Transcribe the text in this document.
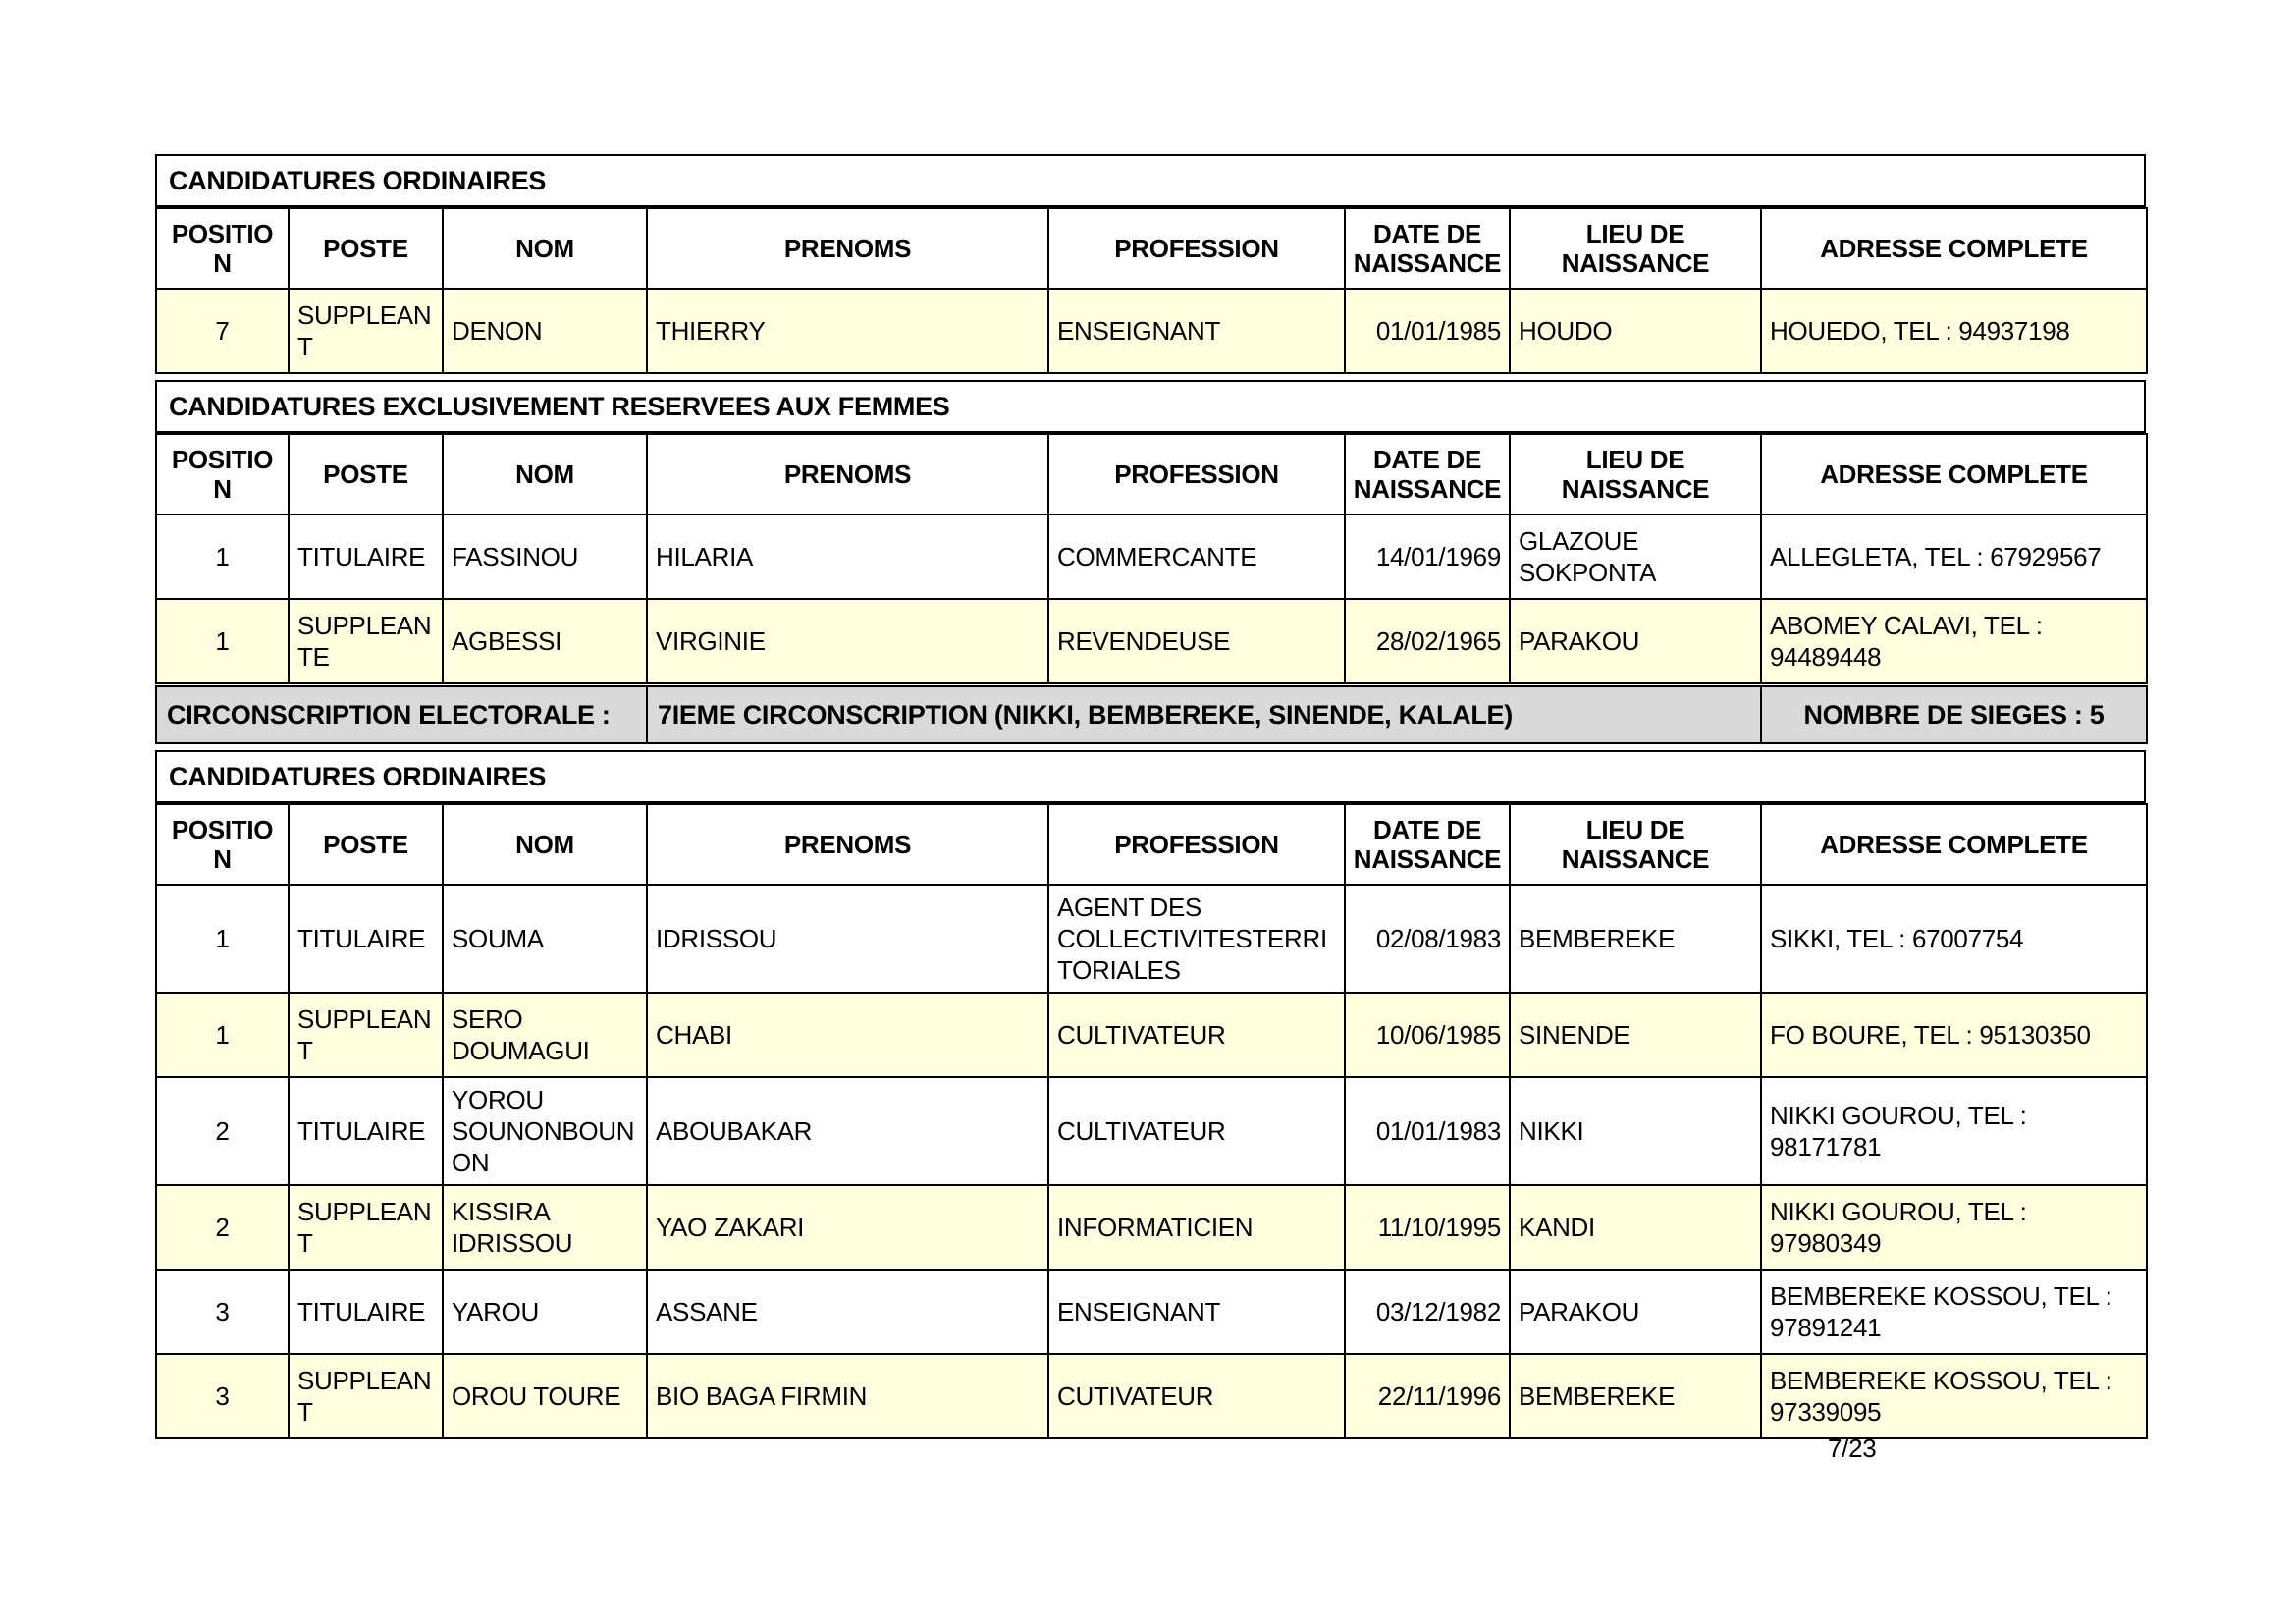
CANDIDATURES ORDINAIRES
POSITION	POSTE	NOM	PRENOMS	PROFESSION	DATE DE NAISSANCE	LIEU DE NAISSANCE	ADRESSE COMPLETE
7	SUPPLEANT	DENON	THIERRY	ENSEIGNANT	01/01/1985	HOUDO	HOUEDO, TEL : 94937198
CANDIDATURES EXCLUSIVEMENT RESERVEES AUX FEMMES
POSITION	POSTE	NOM	PRENOMS	PROFESSION	DATE DE NAISSANCE	LIEU DE NAISSANCE	ADRESSE COMPLETE
1	TITULAIRE	FASSINOU	HILARIA	COMMERCANTE	14/01/1969	GLAZOUE SOKPONTA	ALLEGLETA, TEL : 67929567
1	SUPPLEANTE	AGBESSI	VIRGINIE	REVENDEUSE	28/02/1965	PARAKOU	ABOMEY CALAVI, TEL : 94489448
CIRCONSCRIPTION ELECTORALE :	7IEME CIRCONSCRIPTION (NIKKI, BEMBEREKE, SINENDE, KALALE)	NOMBRE DE SIEGES : 5
CANDIDATURES ORDINAIRES
POSITION	POSTE	NOM	PRENOMS	PROFESSION	DATE DE NAISSANCE	LIEU DE NAISSANCE	ADRESSE COMPLETE
1	TITULAIRE	SOUMA	IDRISSOU	AGENT DES COLLECTIVITESTERRITORIALES	02/08/1983	BEMBEREKE	SIKKI, TEL : 67007754
1	SUPPLEANT	SERO DOUMAGUI	CHABI	CULTIVATEUR	10/06/1985	SINENDE	FO BOURE, TEL : 95130350
2	TITULAIRE	YOROU SOUNONBOUNON	ABOUBAKAR	CULTIVATEUR	01/01/1983	NIKKI	NIKKI GOUROU, TEL : 98171781
2	SUPPLEANT	KISSIRA IDRISSOU	YAO ZAKARI	INFORMATICIEN	11/10/1995	KANDI	NIKKI GOUROU, TEL : 97980349
3	TITULAIRE	YAROU	ASSANE	ENSEIGNANT	03/12/1982	PARAKOU	BEMBEREKE KOSSOU, TEL : 97891241
3	SUPPLEANT	OROU TOURE	BIO BAGA FIRMIN	CUTIVATEUR	22/11/1996	BEMBEREKE	BEMBEREKE KOSSOU, TEL : 97339095
7/23
